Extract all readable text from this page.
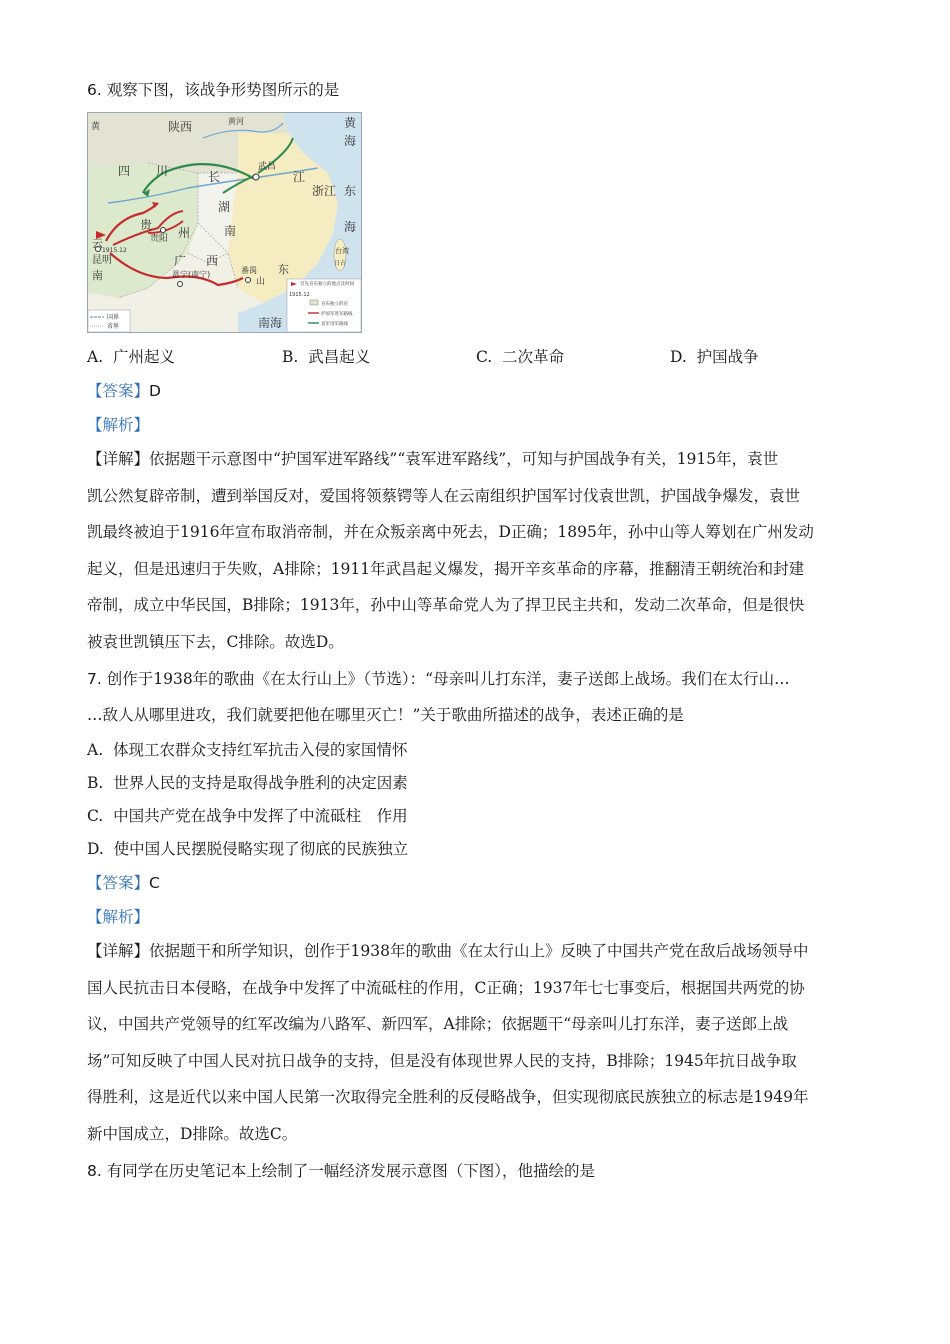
6. 观察下图，该战争形势图所示的是
黄	陕西	黄河	黄
海
四 川	武昌
江
长
浙江 东
海
湖
南
贵阳
贵
州
云
1915.12
昆明
南
广 西
邕宁(南宁)	番禺 东
山
台湾
日占
南海
国界
省界
首先宣布独立的地点及时间
1915.12
宣布独立的省
护国军进军路线
袁军进军路线
A. 广州起义	B. 武昌起义	C. 二次革命	D. 护国战争
【答案】D
【解析】
【详解】依据题干示意图中“护国军进军路线”“袁军进军路线”，可知与护国战争有关，1915年，袁世
凯公然复辟帝制，遭到举国反对，爱国将领蔡锷等人在云南组织护国军讨伐袁世凯，护国战争爆发，袁世
凯最终被迫于1916年宣布取消帝制，并在众叛亲离中死去，D正确；1895年，孙中山等人筹划在广州发动
起义，但是迅速归于失败，A排除；1911年武昌起义爆发，揭开辛亥革命的序幕，推翻清王朝统治和封建
帝制，成立中华民国，B排除；1913年，孙中山等革命党人为了捍卫民主共和，发动二次革命，但是很快
被袁世凯镇压下去，C排除。故选D。
7. 创作于1938年的歌曲《在太行山上》（节选）：“母亲叫儿打东洋，妻子送郎上战场。我们在太行山…
…敌人从哪里进攻，我们就要把他在哪里灭亡！”关于歌曲所描述的战争，表述正确的是
A. 体现工农群众支持红军抗击入侵的家国情怀
B. 世界人民的支持是取得战争胜利的决定因素
C. 中国共产党在战争中发挥了中流砥柱　作用
D. 使中国人民摆脱侵略实现了彻底的民族独立
【答案】C
【解析】
【详解】依据题干和所学知识，创作于1938年的歌曲《在太行山上》反映了中国共产党在敌后战场领导中
国人民抗击日本侵略，在战争中发挥了中流砥柱的作用，C正确；1937年七七事变后，根据国共两党的协
议，中国共产党领导的红军改编为八路军、新四军，A排除；依据题干“母亲叫儿打东洋，妻子送郎上战
场”可知反映了中国人民对抗日战争的支持，但是没有体现世界人民的支持，B排除；1945年抗日战争取
得胜利，这是近代以来中国人民第一次取得完全胜利的反侵略战争，但实现彻底民族独立的标志是1949年
新中国成立，D排除。故选C。
8. 有同学在历史笔记本上绘制了一幅经济发展示意图（下图），他描绘的是
